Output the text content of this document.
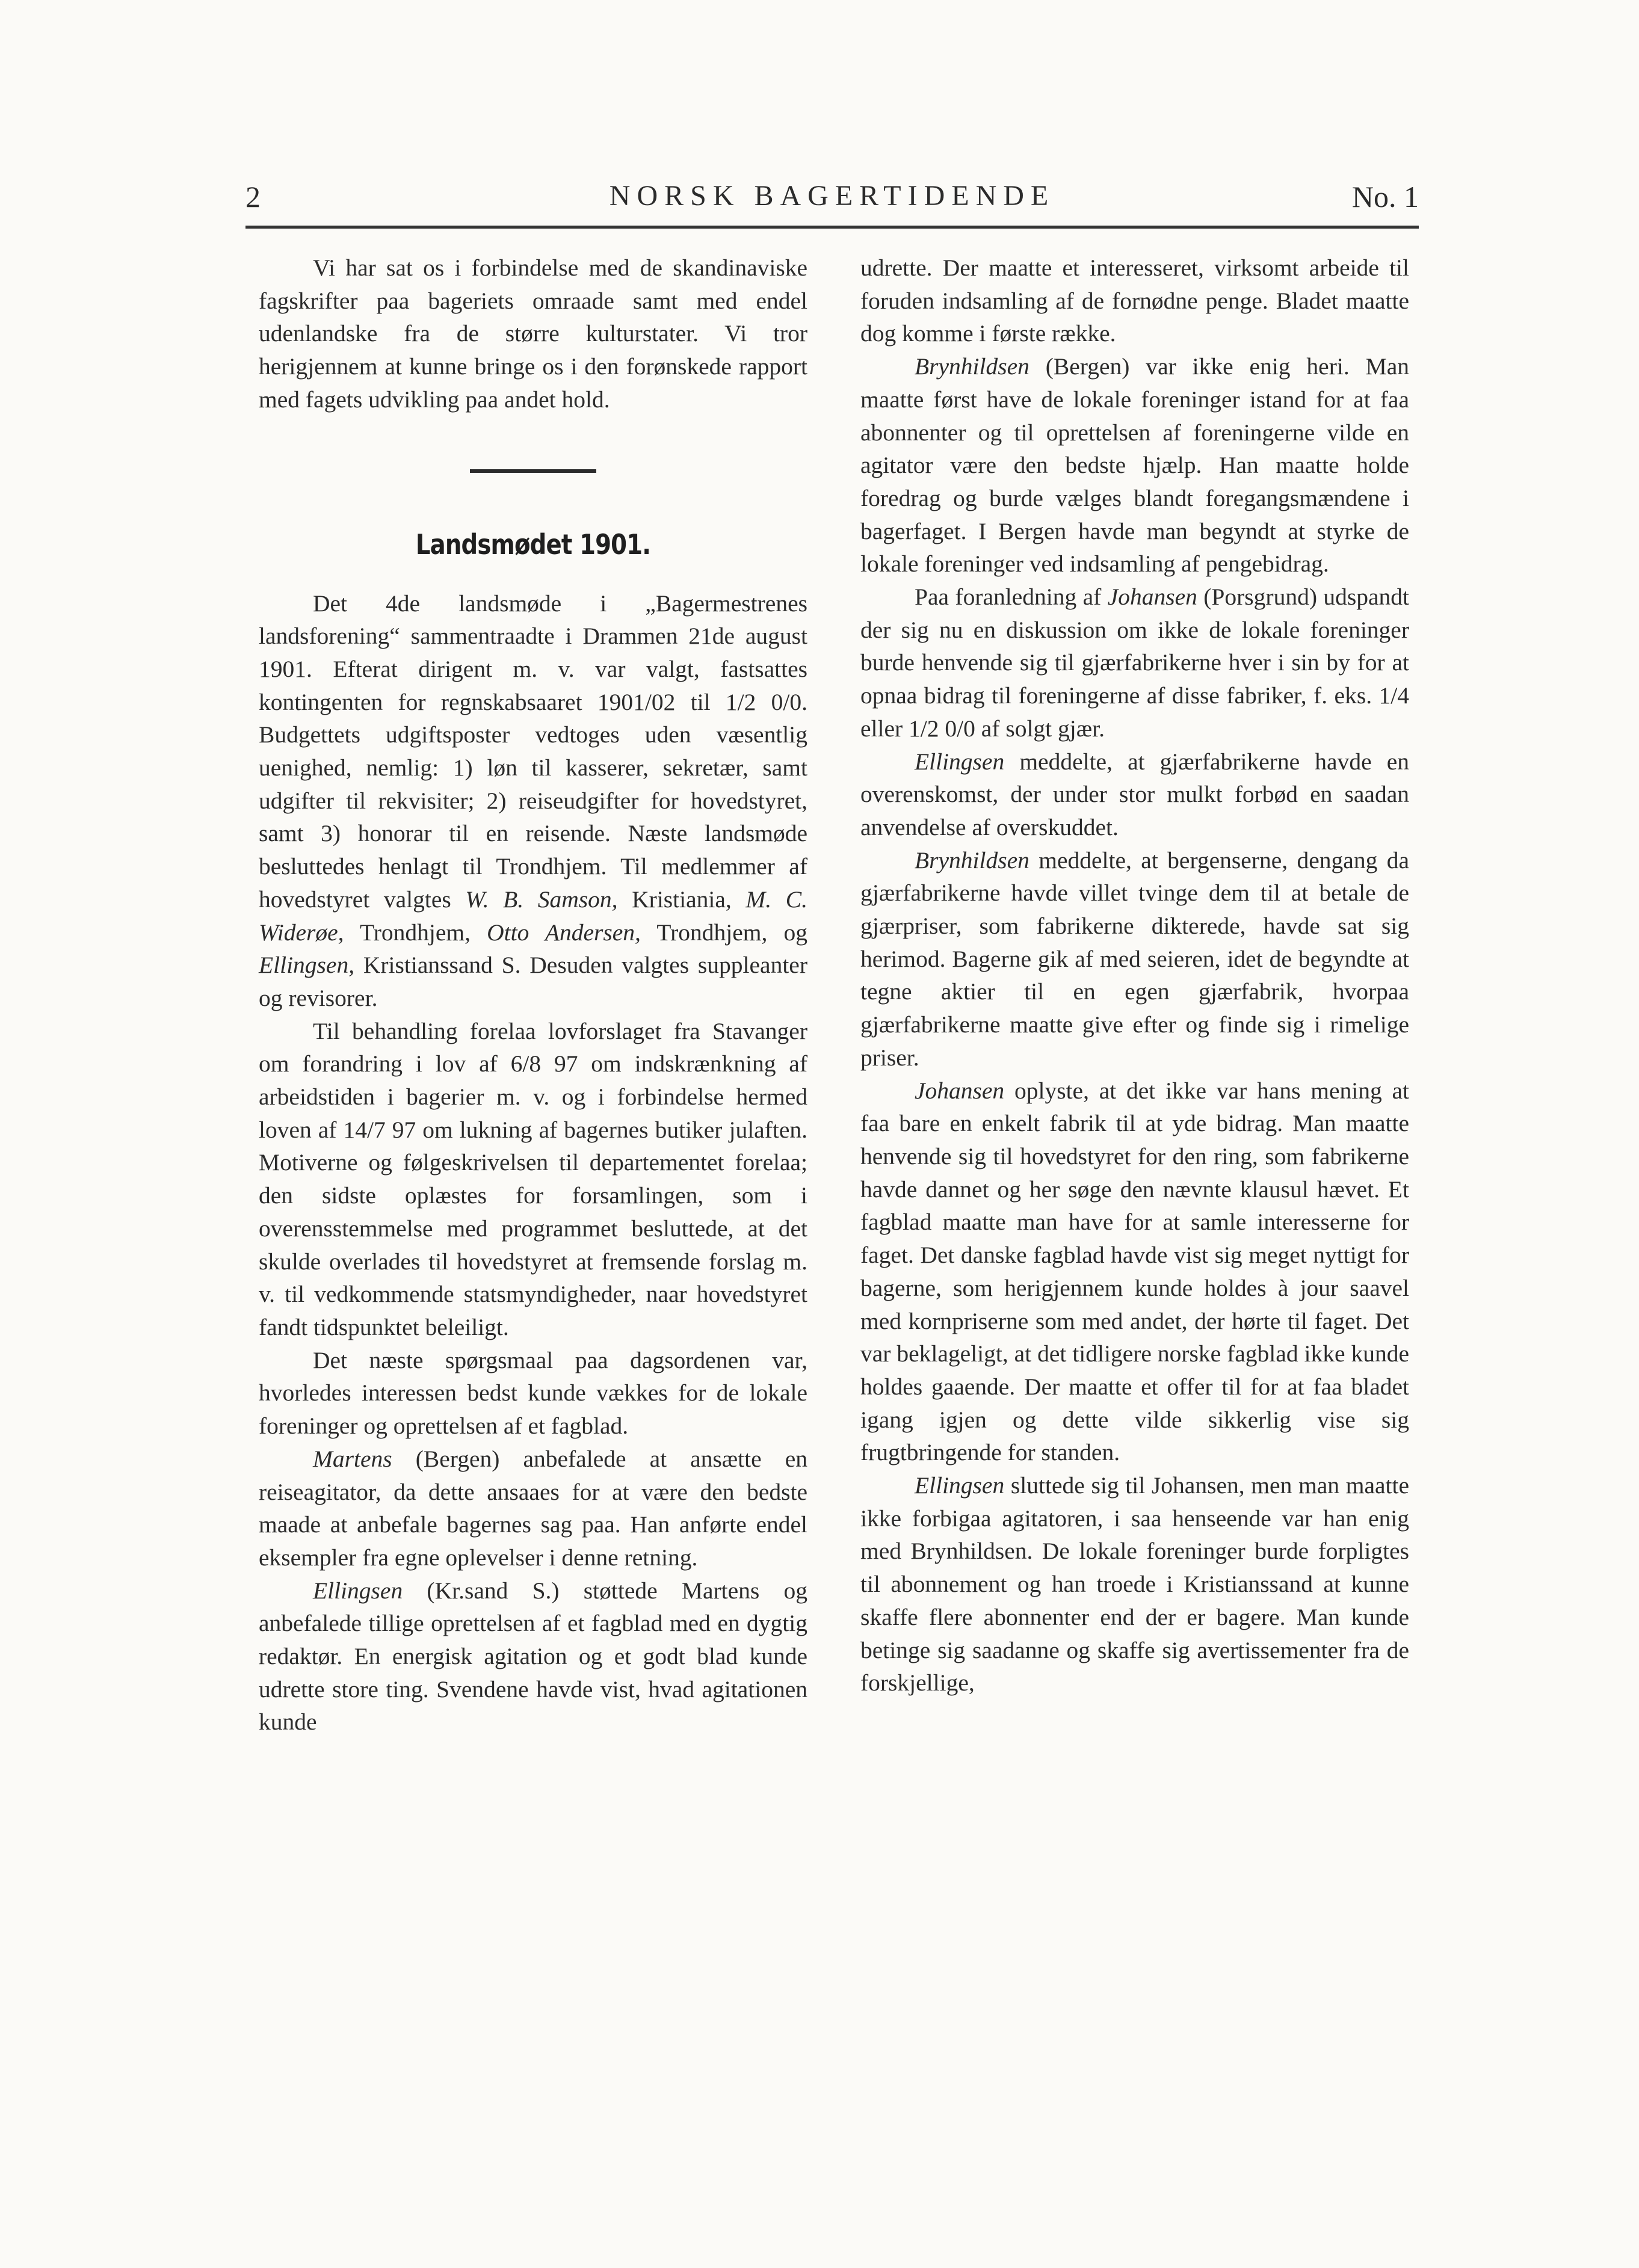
2	NORSK BAGERTIDENDE	No. 1

Vi har sat os i forbindelse med de skandinaviske fagskrifter paa bageriets omraade samt med endel udenlandske fra de større kulturstater. Vi tror herigjennem at kunne bringe os i den forønskede rapport med fagets udvikling paa andet hold.

Landsmødet 1901.

Det 4de landsmøde i „Bagermestrenes landsforening“ sammentraadte i Drammen 21de august 1901. Efterat dirigent m. v. var valgt, fastsattes kontingenten for regnskabsaaret 1901/02 til 1/2 0/0. Budgettets udgiftsposter vedtoges uden væsentlig uenighed, nemlig: 1) løn til kasserer, sekretær, samt udgifter til rekvisiter; 2) reiseudgifter for hovedstyret, samt 3) honorar til en reisende. Næste landsmøde besluttedes henlagt til Trondhjem. Til medlemmer af hovedstyret valgtes W. B. Samson, Kristiania, M. C. Widerøe, Trondhjem, Otto Andersen, Trondhjem, og Ellingsen, Kristianssand S. Desuden valgtes suppleanter og revisorer.

Til behandling forelaa lovforslaget fra Stavanger om forandring i lov af 6/8 97 om indskrænkning af arbeidstiden i bagerier m. v. og i forbindelse hermed loven af 14/7 97 om lukning af bagernes butiker julaften. Motiverne og følgeskrivelsen til departementet forelaa; den sidste oplæstes for forsamlingen, som i overensstemmelse med programmet besluttede, at det skulde overlades til hovedstyret at fremsende forslag m. v. til vedkommende statsmyndigheder, naar hovedstyret fandt tidspunktet beleiligt.

Det næste spørgsmaal paa dagsordenen var, hvorledes interessen bedst kunde vækkes for de lokale foreninger og oprettelsen af et fagblad.

Martens (Bergen) anbefalede at ansætte en reiseagitator, da dette ansaaes for at være den bedste maade at anbefale bagernes sag paa. Han anførte endel eksempler fra egne oplevelser i denne retning.

Ellingsen (Kr.sand S.) støttede Martens og anbefalede tillige oprettelsen af et fagblad med en dygtig redaktør. En energisk agitation og et godt blad kunde udrette store ting. Svendene havde vist, hvad agitationen kunde

udrette. Der maatte et interesseret, virksomt arbeide til foruden indsamling af de fornødne penge. Bladet maatte dog komme i første række.

Brynhildsen (Bergen) var ikke enig heri. Man maatte først have de lokale foreninger istand for at faa abonnenter og til oprettelsen af foreningerne vilde en agitator være den bedste hjælp. Han maatte holde foredrag og burde vælges blandt foregangsmændene i bagerfaget. I Bergen havde man begyndt at styrke de lokale foreninger ved indsamling af pengebidrag.

Paa foranledning af Johansen (Porsgrund) udspandt der sig nu en diskussion om ikke de lokale foreninger burde henvende sig til gjærfabrikerne hver i sin by for at opnaa bidrag til foreningerne af disse fabriker, f. eks. 1/4 eller 1/2 0/0 af solgt gjær.

Ellingsen meddelte, at gjærfabrikerne havde en overenskomst, der under stor mulkt forbød en saadan anvendelse af overskuddet.

Brynhildsen meddelte, at bergenserne, dengang da gjærfabrikerne havde villet tvinge dem til at betale de gjærpriser, som fabrikerne dikterede, havde sat sig herimod. Bagerne gik af med seieren, idet de begyndte at tegne aktier til en egen gjærfabrik, hvorpaa gjærfabrikerne maatte give efter og finde sig i rimelige priser.

Johansen oplyste, at det ikke var hans mening at faa bare en enkelt fabrik til at yde bidrag. Man maatte henvende sig til hovedstyret for den ring, som fabrikerne havde dannet og her søge den nævnte klausul hævet. Et fagblad maatte man have for at samle interesserne for faget. Det danske fagblad havde vist sig meget nyttigt for bagerne, som herigjennem kunde holdes à jour saavel med kornpriserne som med andet, der hørte til faget. Det var beklageligt, at det tidligere norske fagblad ikke kunde holdes gaaende. Der maatte et offer til for at faa bladet igang igjen og dette vilde sikkerlig vise sig frugtbringende for standen.

Ellingsen sluttede sig til Johansen, men man maatte ikke forbigaa agitatoren, i saa henseende var han enig med Brynhildsen. De lokale foreninger burde forpligtes til abonnement og han troede i Kristianssand at kunne skaffe flere abonnenter end der er bagere. Man kunde betinge sig saadanne og skaffe sig avertissementer fra de forskjellige,
